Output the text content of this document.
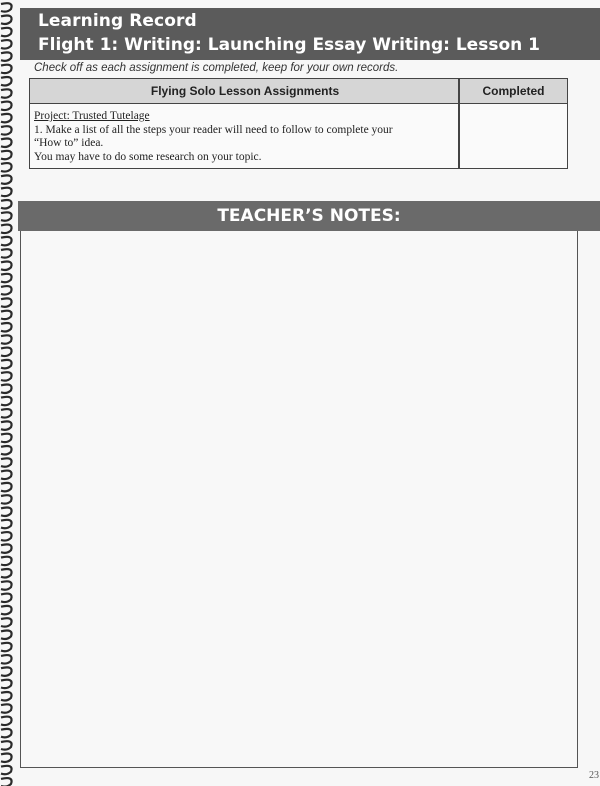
Learning Record
Flight 1: Writing: Launching Essay Writing: Lesson 1
Check off as each assignment is completed, keep for your own records.
Flying Solo Lesson Assignments	Completed
Project: Trusted Tutelage
1. Make a list of all the steps your reader will need to follow to complete your
“How to” idea.
You may have to do some research on your topic.
TEACHER’S NOTES:
23
